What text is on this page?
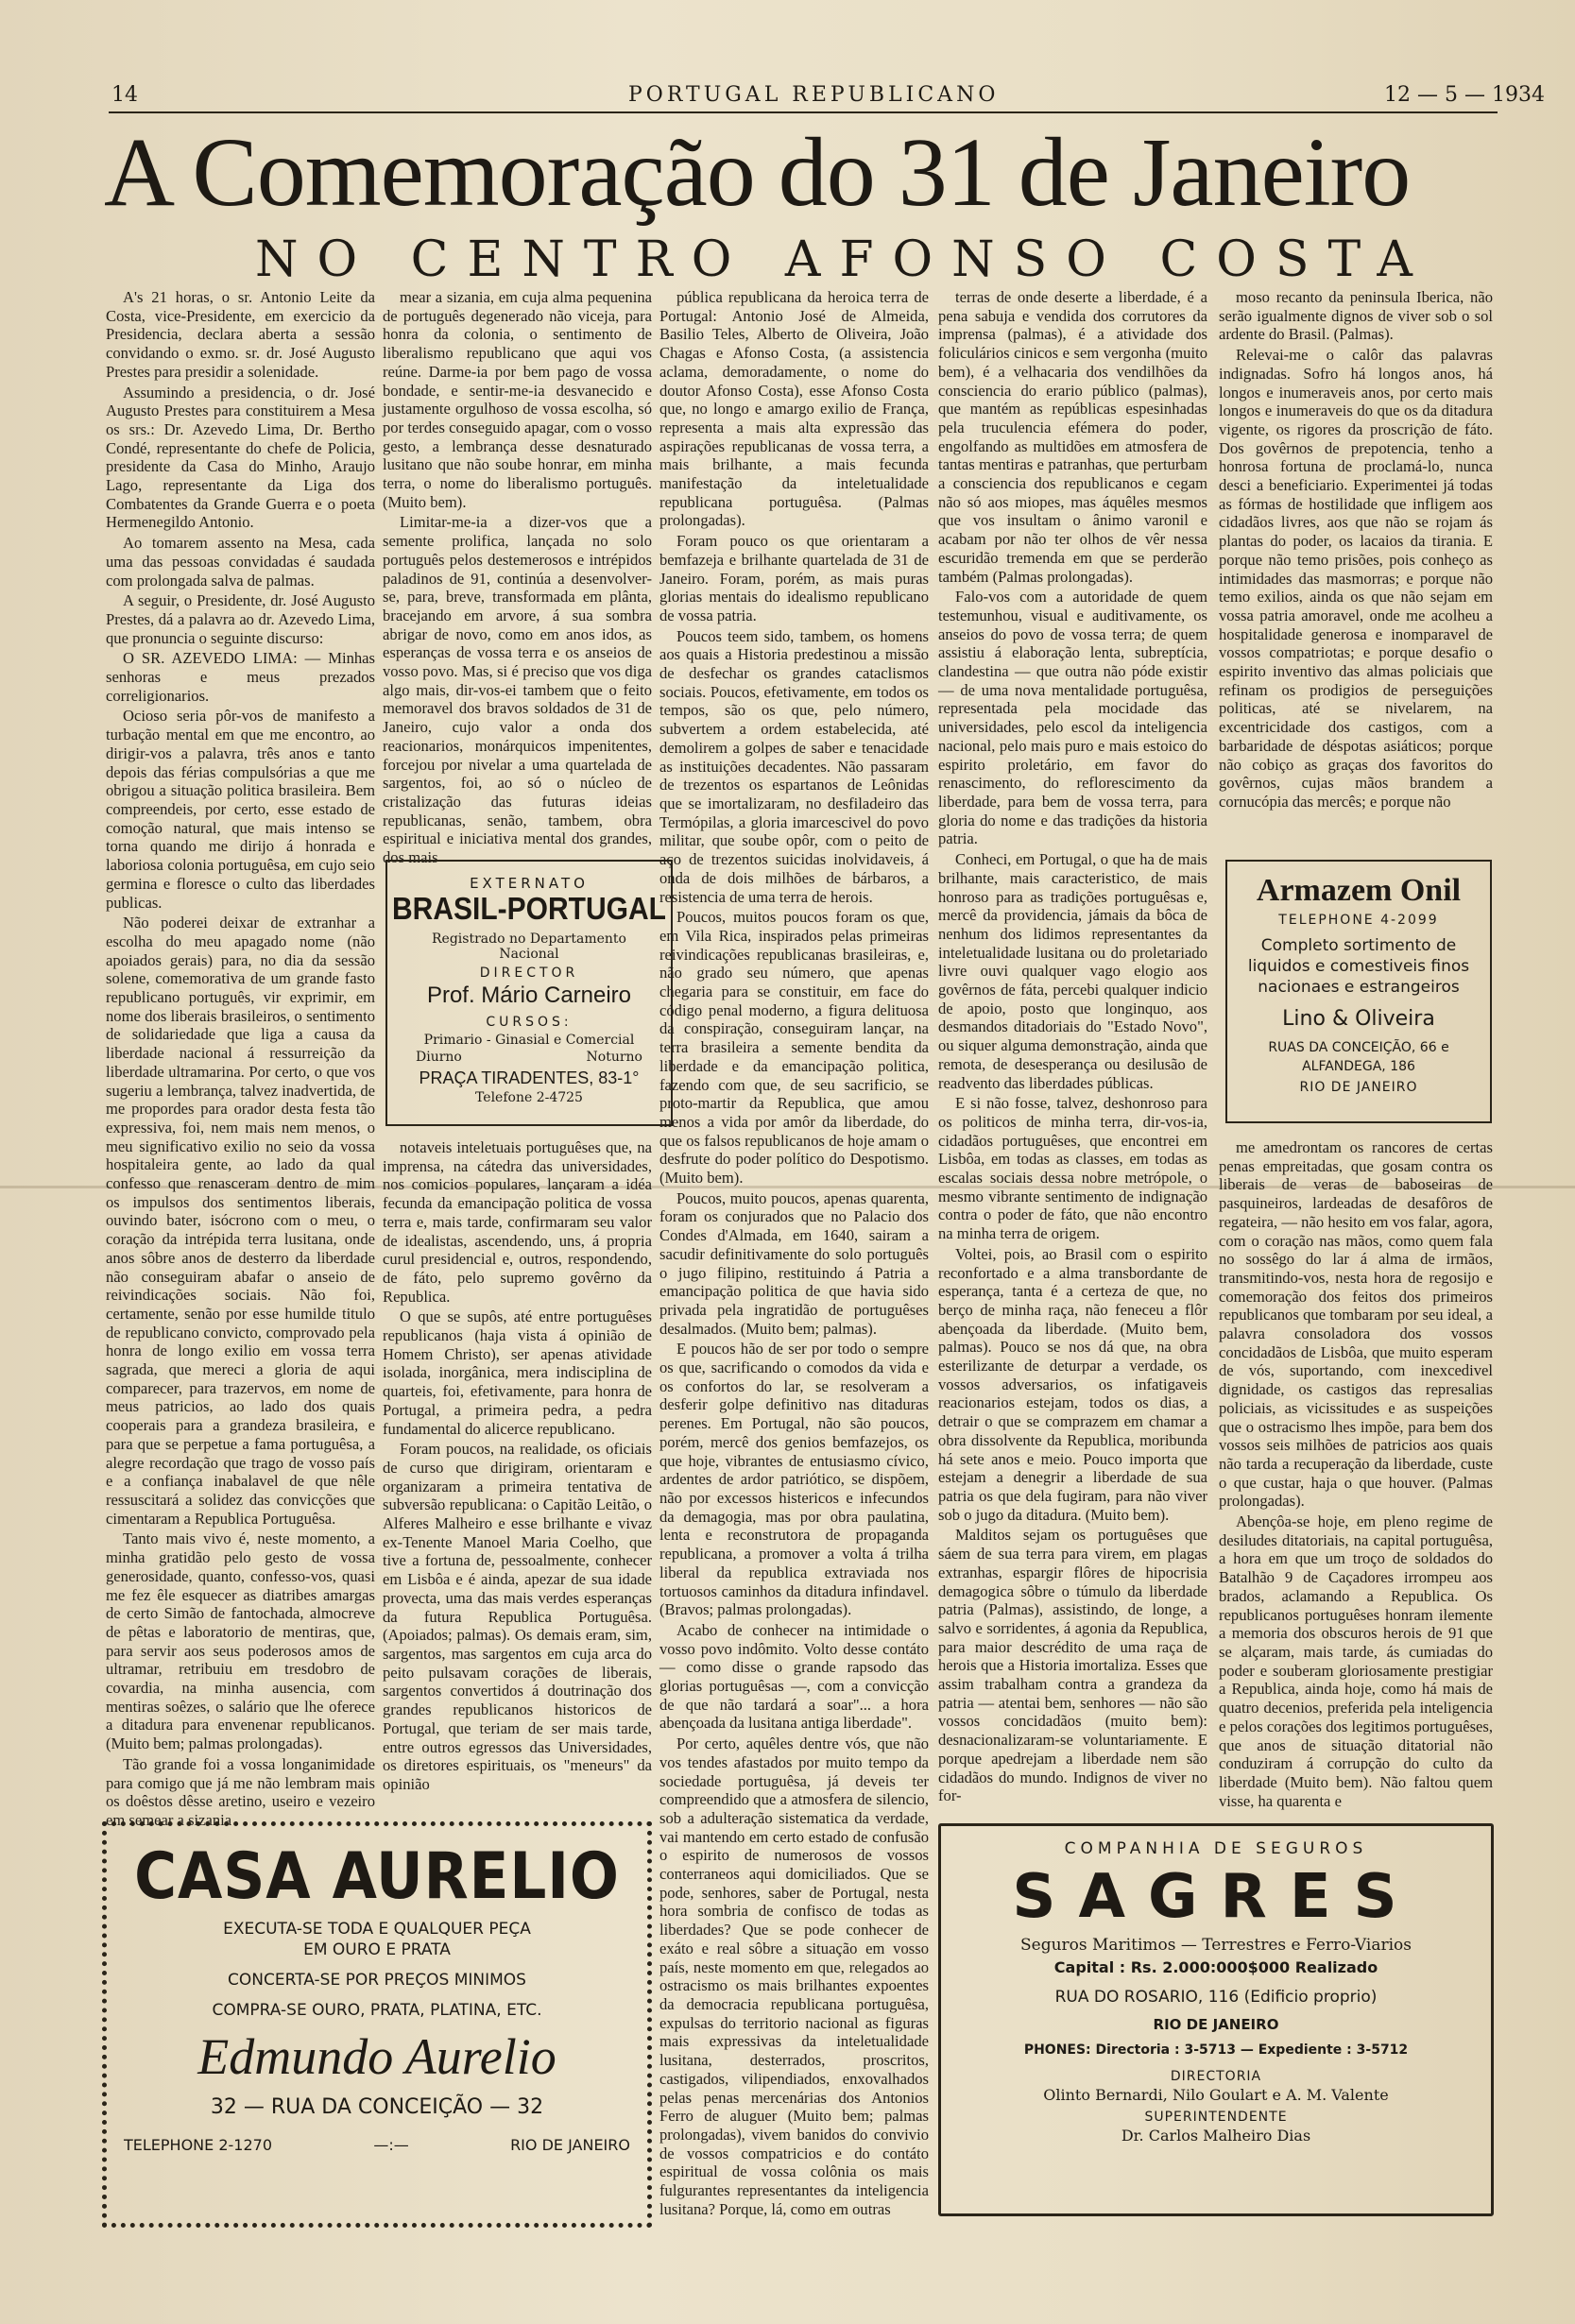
14	PORTUGAL REPUBLICANO	12 — 5 — 1934
A Comemoração do 31 de Janeiro
NO CENTRO AFONSO COSTA

A's 21 horas, o sr. Antonio Leite da Costa, vice-Presidente, em exercicio da Presidencia, declara aberta a sessão convidando o exmo. sr. dr. José Augusto Prestes para presidir a solenidade.

Assumindo a presidencia, o dr. José Augusto Prestes para constituirem a Mesa os srs.: Dr. Azevedo Lima, Dr. Bertho Condé, representante do chefe de Policia, presidente da Casa do Minho, Araujo Lago, representante da Liga dos Combatentes da Grande Guerra e o poeta Hermenegildo Antonio.

Ao tomarem assento na Mesa, cada uma das pessoas convidadas é saudada com prolongada salva de palmas.

A seguir, o Presidente, dr. José Augusto Prestes, dá a palavra ao dr. Azevedo Lima, que pronuncia o seguinte discurso:

O SR. AZEVEDO LIMA: — Minhas senhoras e meus prezados correligionarios.

Ocioso seria pôr-vos de manifesto a turbação mental em que me encontro, ao dirigir-vos a palavra, três anos e tanto depois das férias compulsórias a que me obrigou a situação politica brasileira. Bem compreendeis, por certo, esse estado de comoção natural, que mais intenso se torna quando me dirijo á honrada e laboriosa colonia portuguêsa, em cujo seio germina e floresce o culto das liberdades publicas.

Não poderei deixar de extranhar a escolha do meu apagado nome (não apoiados gerais) para, no dia da sessão solene, comemorativa de um grande fasto republicano português, vir exprimir, em nome dos liberais brasileiros, o sentimento de solidariedade que liga a causa da liberdade nacional á ressurreição da liberdade ultramarina. Por certo, o que vos sugeriu a lembrança, talvez inadvertida, de me propordes para orador desta festa tão expressiva, foi, nem mais nem menos, o meu significativo exilio no seio da vossa hospitaleira gente, ao lado da qual confesso que renasceram dentro de mim os impulsos dos sentimentos liberais, ouvindo bater, isócrono com o meu, o coração da intrépida terra lusitana, onde anos sôbre anos de desterro da liberdade não conseguiram abafar o anseio de reivindicações sociais. Não foi, certamente, senão por esse humilde titulo de republicano convicto, comprovado pela honra de longo exilio em vossa terra sagrada, que mereci a gloria de aqui comparecer, para trazervos, em nome de meus patricios, ao lado dos quais cooperais para a grandeza brasileira, e para que se perpetue a fama portuguêsa, a alegre recordação que trago de vosso país e a confiança inabalavel de que nêle ressuscitará a solidez das convicções que cimentaram a Republica Portuguêsa.

Tanto mais vivo é, neste momento, a minha gratidão pelo gesto de vossa generosidade, quanto, confesso-vos, quasi me fez êle esquecer as diatribes amargas de certo Simão de fantochada, almocreve de pêtas e laboratorio de mentiras, que, para servir aos seus poderosos amos de ultramar, retribuiu em tresdobro de covardia, na minha ausencia, com mentiras soêzes, o salário que lhe oferece a ditadura para envenenar republicanos. (Muito bem; palmas prolongadas).

Tão grande foi a vossa longanimidade para comigo que já me não lembram mais os doêstos dêsse aretino, useiro e vezeiro em semear a sizania

mear a sizania, em cuja alma pequenina de português degenerado não viceja, para honra da colonia, o sentimento de liberalismo republicano que aqui vos reúne. Darme-ia por bem pago de vossa bondade, e sentir-me-ia desvanecido e justamente orgulhoso de vossa escolha, só por terdes conseguido apagar, com o vosso gesto, a lembrança desse desnaturado lusitano que não soube honrar, em minha terra, o nome do liberalismo português. (Muito bem).

Limitar-me-ia a dizer-vos que a semente prolifica, lançada no solo português pelos destemerosos e intrépidos paladinos de 91, continúa a desenvolver-se, para, breve, transformada em plânta, bracejando em arvore, á sua sombra abrigar de novo, como em anos idos, as esperanças de vossa terra e os anseios de vosso povo. Mas, si é preciso que vos diga algo mais, dir-vos-ei tambem que o feito memoravel dos bravos soldados de 31 de Janeiro, cujo valor a onda dos reacionarios, monárquicos impenitentes, forcejou por nivelar a uma quartelada de sargentos, foi, ao só o núcleo de cristalização das futuras ideias republicanas, senão, tambem, obra espiritual e iniciativa mental dos grandes, dos mais

EXTERNATO
BRASIL-PORTUGAL
Registrado no Departamento Nacional
DIRECTOR
Prof. Mário Carneiro
CURSOS:
Primario - Ginasial e Comercial
Diurno	Noturno
PRAÇA TIRADENTES, 83-1°
Telefone 2-4725

notaveis inteletuais portuguêses que, na imprensa, na cátedra das universidades, nos comicios populares, lançaram a idéa fecunda da emancipação politica de vossa terra e, mais tarde, confirmaram seu valor de idealistas, ascendendo, uns, á propria curul presidencial e, outros, respondendo, de fáto, pelo supremo govêrno da Republica.

O que se supôs, até entre portuguêses republicanos (haja vista á opinião de Homem Christo), ser apenas atividade isolada, inorgânica, mera indisciplina de quarteis, foi, efetivamente, para honra de Portugal, a primeira pedra, a pedra fundamental do alicerce republicano.

Foram poucos, na realidade, os oficiais de curso que dirigiram, orientaram e organizaram a primeira tentativa de subversão republicana: o Capitão Leitão, o Alferes Malheiro e esse brilhante e vivaz ex-Tenente Manoel Maria Coelho, que tive a fortuna de, pessoalmente, conhecer em Lisbôa e é ainda, apezar de sua idade provecta, uma das mais verdes esperanças da futura Republica Portuguêsa. (Apoiados; palmas). Os demais eram, sim, sargentos, mas sargentos em cuja arca do peito pulsavam corações de liberais, sargentos convertidos á doutrinação dos grandes republicanos historicos de Portugal, que teriam de ser mais tarde, entre outros egressos das Universidades, os diretores espirituais, os "meneurs" da opinião

pública republicana da heroica terra de Portugal: Antonio José de Almeida, Basilio Teles, Alberto de Oliveira, João Chagas e Afonso Costa, (a assistencia aclama, demoradamente, o nome do doutor Afonso Costa), esse Afonso Costa que, no longo e amargo exilio de França, representa a mais alta expressão das aspirações republicanas de vossa terra, a mais brilhante, a mais fecunda manifestação da inteletualidade republicana portuguêsa. (Palmas prolongadas).

Foram pouco os que orientaram a bemfazeja e brilhante quartelada de 31 de Janeiro. Foram, porém, as mais puras glorias mentais do idealismo republicano de vossa patria.

Poucos teem sido, tambem, os homens aos quais a Historia predestinou a missão de desfechar os grandes cataclismos sociais. Poucos, efetivamente, em todos os tempos, são os que, pelo número, subvertem a ordem estabelecida, até demolirem a golpes de saber e tenacidade as instituições decadentes. Não passaram de trezentos os espartanos de Leônidas que se imortalizaram, no desfiladeiro das Termópilas, a gloria imarcescivel do povo militar, que soube opôr, com o peito de aço de trezentos suicidas inolvidaveis, á onda de dois milhões de bárbaros, a resistencia de uma terra de herois.

Poucos, muitos poucos foram os que, em Vila Rica, inspirados pelas primeiras reivindicações republicanas brasileiras, e, não grado seu número, que apenas chegaria para se constituir, em face do código penal moderno, a figura delituosa da conspiração, conseguiram lançar, na terra brasileira a semente bendita da liberdade e da emancipação politica, fazendo com que, de seu sacrificio, se proto-martir da Republica, que amou menos a vida por amôr da liberdade, do que os falsos republicanos de hoje amam o desfrute do poder político do Despotismo. (Muito bem).

Poucos, muito poucos, apenas quarenta, foram os conjurados que no Palacio dos Condes d'Almada, em 1640, sairam a sacudir definitivamente do solo português o jugo filipino, restituindo á Patria a emancipação politica de que havia sido privada pela ingratidão de portuguêses desalmados. (Muito bem; palmas).

E poucos hão de ser por todo o sempre os que, sacrificando o comodos da vida e os confortos do lar, se resolveram a desferir golpe definitivo nas ditaduras perenes. Em Portugal, não são poucos, porém, mercê dos genios bemfazejos, os que hoje, vibrantes de entusiasmo cívico, ardentes de ardor patriótico, se dispõem, não por excessos histericos e infecundos da demagogia, mas por obra paulatina, lenta e reconstrutora de propaganda republicana, a promover a volta á trilha liberal da republica extraviada nos tortuosos caminhos da ditadura infindavel. (Bravos; palmas prolongadas).

Acabo de conhecer na intimidade o vosso povo indômito. Volto desse contáto — como disse o grande rapsodo das glorias portuguêsas —, com a convicção de que não tardará a soar"... a hora abençoada da lusitana antiga liberdade".

Por certo, aquêles dentre vós, que não vos tendes afastados por muito tempo da sociedade portuguêsa, já deveis ter compreendido que a atmosfera de silencio, sob a adulteração sistematica da verdade, vai mantendo em certo estado de confusão o espirito de numerosos de vossos conterraneos aqui domiciliados. Que se pode, senhores, saber de Portugal, nesta hora sombria de confisco de todas as liberdades? Que se pode conhecer de exáto e real sôbre a situação em vosso país, neste momento em que, relegados ao ostracismo os mais brilhantes expoentes da democracia republicana portuguêsa, expulsas do territorio nacional as figuras mais expressivas da inteletualidade lusitana, desterrados, proscritos, castigados, vilipendiados, enxovalhados pelas penas mercenárias dos Antonios Ferro de aluguer (Muito bem; palmas prolongadas), vivem banidos do convivio de vossos compatricios e do contáto espiritual de vossa colônia os mais fulgurantes representantes da inteligencia lusitana? Porque, lá, como em outras

terras de onde deserte a liberdade, é a pena sabuja e vendida dos corrutores da imprensa (palmas), é a atividade dos foliculários cinicos e sem vergonha (muito bem), é a velhacaria dos vendilhões da consciencia do erario público (palmas), que mantém as repúblicas espesinhadas pela truculencia efémera do poder, engolfando as multidões em atmosfera de tantas mentiras e patranhas, que perturbam a consciencia dos republicanos e cegam não só aos miopes, mas áquêles mesmos que vos insultam o ânimo varonil e acabam por não ter olhos de vêr nessa escuridão tremenda em que se perderão também (Palmas prolongadas).

Falo-vos com a autoridade de quem testemunhou, visual e auditivamente, os anseios do povo de vossa terra; de quem assistiu á elaboração lenta, subreptícia, clandestina — que outra não póde existir — de uma nova mentalidade portuguêsa, representada pela mocidade das universidades, pelo escol da inteligencia nacional, pelo mais puro e mais estoico do espirito proletário, em favor do renascimento, do reflorescimento da liberdade, para bem de vossa terra, para gloria do nome e das tradições da historia patria.

Conheci, em Portugal, o que ha de mais brilhante, mais caracteristico, de mais honroso para as tradições portuguêsas e, mercê da providencia, jámais da bôca de nenhum dos lidimos representantes da inteletualidade lusitana ou do proletariado livre ouvi qualquer vago elogio aos govêrnos de fáta, percebi qualquer indicio de apoio, posto que longinquo, aos desmandos ditadoriais do "Estado Novo", ou siquer alguma demonstração, ainda que remota, de desesperança ou desilusão de readvento das liberdades públicas.

E si não fosse, talvez, deshonroso para os politicos de minha terra, dir-vos-ia, cidadãos portuguêses, que encontrei em Lisbôa, em todas as classes, em todas as escalas sociais dessa nobre metrópole, o mesmo vibrante sentimento de indignação contra o poder de fáto, que não encontro na minha terra de origem.

Voltei, pois, ao Brasil com o espirito reconfortado e a alma transbordante de esperança, tanta é a certeza de que, no berço de minha raça, não feneceu a flôr abençoada da liberdade. (Muito bem, palmas). Pouco se nos dá que, na obra esterilizante de deturpar a verdade, os vossos adversarios, os infatigaveis reacionarios estejam, todos os dias, a detrair o que se comprazem em chamar a obra dissolvente da Republica, moribunda há sete anos e meio. Pouco importa que estejam a denegrir a liberdade de sua patria os que dela fugiram, para não viver sob o jugo da ditadura. (Muito bem).

Malditos sejam os portuguêses que sáem de sua terra para virem, em plagas extranhas, espargir flôres de hipocrisia demagogica sôbre o túmulo da liberdade patria (Palmas), assistindo, de longe, a salvo e sorridentes, á agonia da Republica, para maior descrédito de uma raça de herois que a Historia imortaliza. Esses que assim trabalham contra a grandeza da patria — atentai bem, senhores — não são vossos concidadãos (muito bem): desnacionalizaram-se voluntariamente. E porque apedrejam a liberdade nem são cidadãos do mundo. Indignos de viver no for-

moso recanto da peninsula Iberica, não serão igualmente dignos de viver sob o sol ardente do Brasil. (Palmas).

Relevai-me o calôr das palavras indignadas. Sofro há longos anos, há longos e inumeraveis anos, por certo mais longos e inumeraveis do que os da ditadura vigente, os rigores da proscrição de fáto. Dos govêrnos de prepotencia, tenho a honrosa fortuna de proclamá-lo, nunca desci a beneficiario. Experimentei já todas as fórmas de hostilidade que infligem aos cidadãos livres, aos que não se rojam ás plantas do poder, os lacaios da tirania. E porque não temo prisões, pois conheço as intimidades das masmorras; e porque não temo exilios, ainda os que não sejam em vossa patria amoravel, onde me acolheu a hospitalidade generosa e inomparavel de vossos compatriotas; e porque desafio o espirito inventivo das almas policiais que refinam os prodigios de perseguições politicas, até se nivelarem, na excentricidade dos castigos, com a barbaridade de déspotas asiáticos; porque não cobiço as graças dos favoritos do govêrnos, cujas mãos brandem a cornucópia das mercês; e porque não

Armazem Onil
TELEPHONE 4-2099
Completo sortimento de liquidos e comestiveis finos nacionaes e estrangeiros
Lino & Oliveira
RUAS DA CONCEIÇÃO, 66 e ALFANDEGA, 186
RIO DE JANEIRO

me amedrontam os rancores de certas penas empreitadas, que gosam contra os liberais de veras de baboseiras de pasquineiros, lardeadas de desafôros de regateira, — não hesito em vos falar, agora, com o coração nas mãos, como quem fala no sossêgo do lar á alma de irmãos, transmitindo-vos, nesta hora de regosijo e comemoração dos feitos dos primeiros republicanos que tombaram por seu ideal, a palavra consoladora dos vossos concidadãos de Lisbôa, que muito esperam de vós, suportando, com inexcedivel dignidade, os castigos das represalias policiais, as vicissitudes e as suspeições que o ostracismo lhes impõe, para bem dos vossos seis milhões de patricios aos quais não tarda a recuperação da liberdade, custe o que custar, haja o que houver. (Palmas prolongadas).

Abençôa-se hoje, em pleno regime de desiludes ditatoriais, na capital portuguêsa, a hora em que um troço de soldados do Batalhão 9 de Caçadores irrompeu aos brados, aclamando a Republica. Os republicanos portuguêses honram ilemente a memoria dos obscuros herois de 91 que se alçaram, mais tarde, ás cumiadas do poder e souberam gloriosamente prestigiar a Republica, ainda hoje, como há mais de quatro decenios, preferida pela inteligencia e pelos corações dos legitimos portuguêses, que anos de situação ditatorial não conduziram á corrupção do culto da liberdade (Muito bem). Não faltou quem visse, ha quarenta e

CASA AURELIO
EXECUTA-SE TODA E QUALQUER PEÇA
EM OURO E PRATA
CONCERTA-SE POR PREÇOS MINIMOS
COMPRA-SE OURO, PRATA, PLATINA, ETC.
Edmundo Aurelio
32 — RUA DA CONCEIÇÃO — 32
TELEPHONE 2-1270	—:—	RIO DE JANEIRO
COMPANHIA DE SEGUROS
SAGRES
Seguros Maritimos — Terrestres e Ferro-Viarios
Capital : Rs. 2.000:000$000 Realizado
RUA DO ROSARIO, 116 (Edificio proprio)
RIO DE JANEIRO
PHONES: Directoria : 3-5713 — Expediente : 3-5712
DIRECTORIA
Olinto Bernardi, Nilo Goulart e A. M. Valente
SUPERINTENDENTE
Dr. Carlos Malheiro Dias
